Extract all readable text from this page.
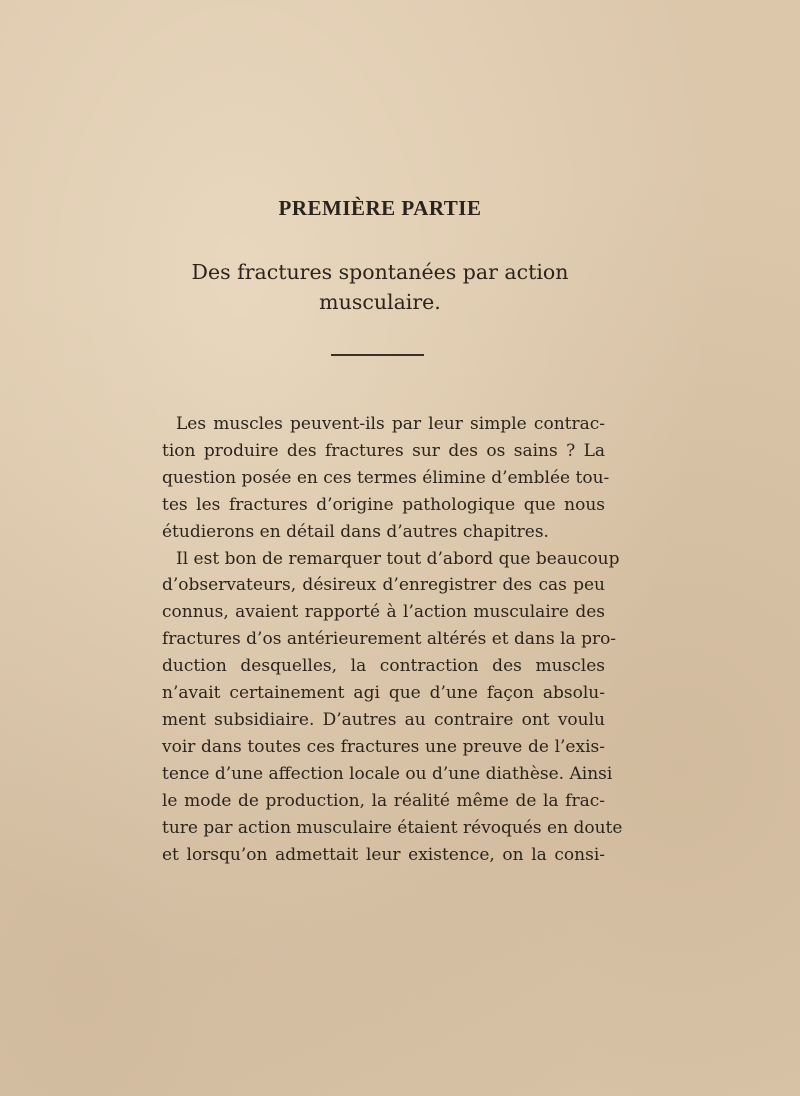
PREMIÈRE PARTIE
Des fractures spontanées par action
musculaire.
Les muscles peuvent-ils par leur simple contrac-
tion produire des fractures sur des os sains ? La
question posée en ces termes élimine d’emblée tou-
tes les fractures d’origine pathologique que nous
étudierons en détail dans d’autres chapitres.
Il est bon de remarquer tout d’abord que beaucoup
d’observateurs, désireux d’enregistrer des cas peu
connus, avaient rapporté à l’action musculaire des
fractures d’os antérieurement altérés et dans la pro-
duction desquelles, la contraction des muscles
n’avait certainement agi que d’une façon absolu-
ment subsidiaire. D’autres au contraire ont voulu
voir dans toutes ces fractures une preuve de l’exis-
tence d’une affection locale ou d’une diathèse. Ainsi
le mode de production, la réalité même de la frac-
ture par action musculaire étaient révoqués en doute
et lorsqu’on admettait leur existence, on la consi-
